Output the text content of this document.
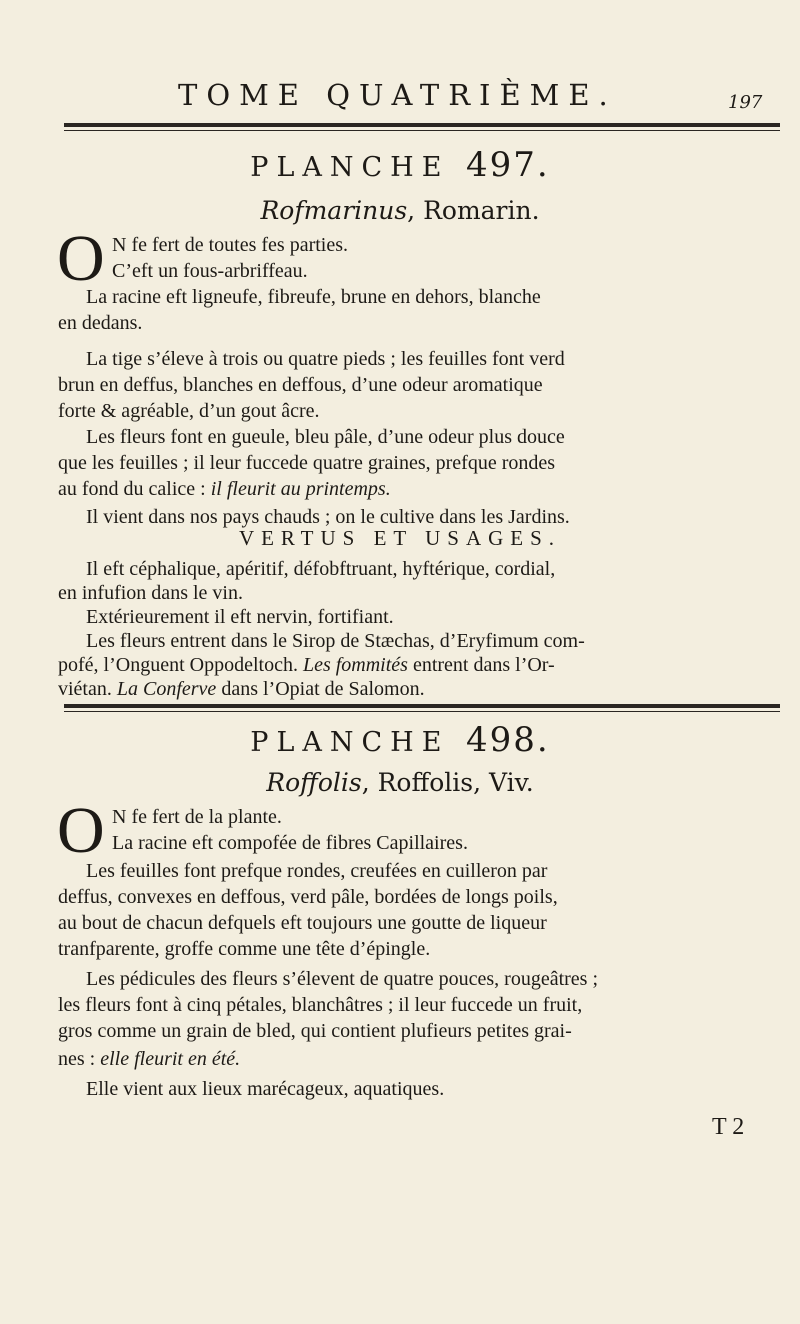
TOME QUATRIÈME.	197
PLANCHE 497.
Rofmarinus, Romarin.
O N fe fert de toutes fes parties.
C’eft un fous-arbriffeau.
La racine eft ligneufe, fibreufe, brune en dehors, blanche
en dedans.
La tige s’éleve à trois ou quatre pieds ; les feuilles font verd
brun en deffus, blanches en deffous, d’une odeur aromatique
forte & agréable, d’un gout âcre.
Les fleurs font en gueule, bleu pâle, d’une odeur plus douce
que les feuilles ; il leur fuccede quatre graines, prefque rondes
au fond du calice : il fleurit au printemps.
Il vient dans nos pays chauds ; on le cultive dans les Jardins.
VERTUS ET USAGES.
Il eft céphalique, apéritif, défobftruant, hyftérique, cordial,
en infufion dans le vin.
Extérieurement il eft nervin, fortifiant.
Les fleurs entrent dans le Sirop de Stæchas, d’Eryfimum com-
PLANCHE 498.
Roffolis, Roffolis, Viv.
O N fe fert de la plante.
La racine eft compofée de fibres Capillaires.
Les feuilles font prefque rondes, creufées en cuilleron par
deffus, convexes en deffous, verd pâle, bordées de longs poils,
au bout de chacun defquels eft toujours une goutte de liqueur
tranfparente, groffe comme une tête d’épingle.
Les pédicules des fleurs s’élevent de quatre pouces, rougeâtres ;
les fleurs font à cinq pétales, blanchâtres ; il leur fuccede un fruit,
gros comme un grain de bled, qui contient plufieurs petites grai-
nes : elle fleurit en été.
Elle vient aux lieux marécageux, aquatiques.
T 2
pofé, l’Onguent Oppodeltoch. Les fommités entrent dans l’Or-
viétan. La Conferve dans l’Opiat de Salomon.
